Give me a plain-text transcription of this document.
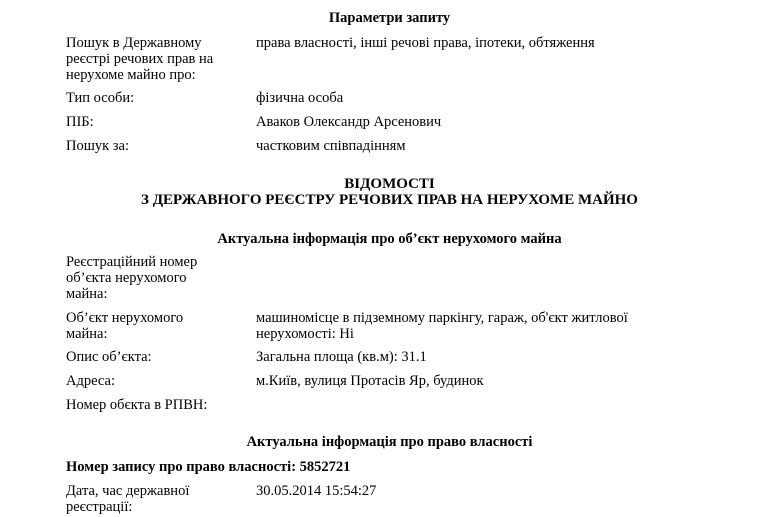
Параметри запиту
Пошук в Державному реєстрі речових прав на нерухоме майно про:
права власності, інші речові права, іпотеки, обтяження
Тип особи:	фізична особа
ПІБ:	Аваков Олександр Арсенович
Пошук за:	частковим співпадінням
ВІДОМОСТІ
З ДЕРЖАВНОГО РЕЄСТРУ РЕЧОВИХ ПРАВ НА НЕРУХОМЕ МАЙНО
Актуальна інформація про об’єкт нерухомого майна
Реєстраційний номер об’єкта нерухомого майна:
Об’єкт нерухомого майна:
машиномісце в підземному паркінгу, гараж, об'єкт житлової нерухомості: Ні
Опис об’єкта:	Загальна площа (кв.м): 31.1
Адреса:	м.Київ, вулиця Протасів Яр, будинок
Номер обєкта в РПВН:
Актуальна інформація про право власності
Номер запису про право власності: 5852721
Дата, час державної реєстрації:
30.05.2014 15:54:27
